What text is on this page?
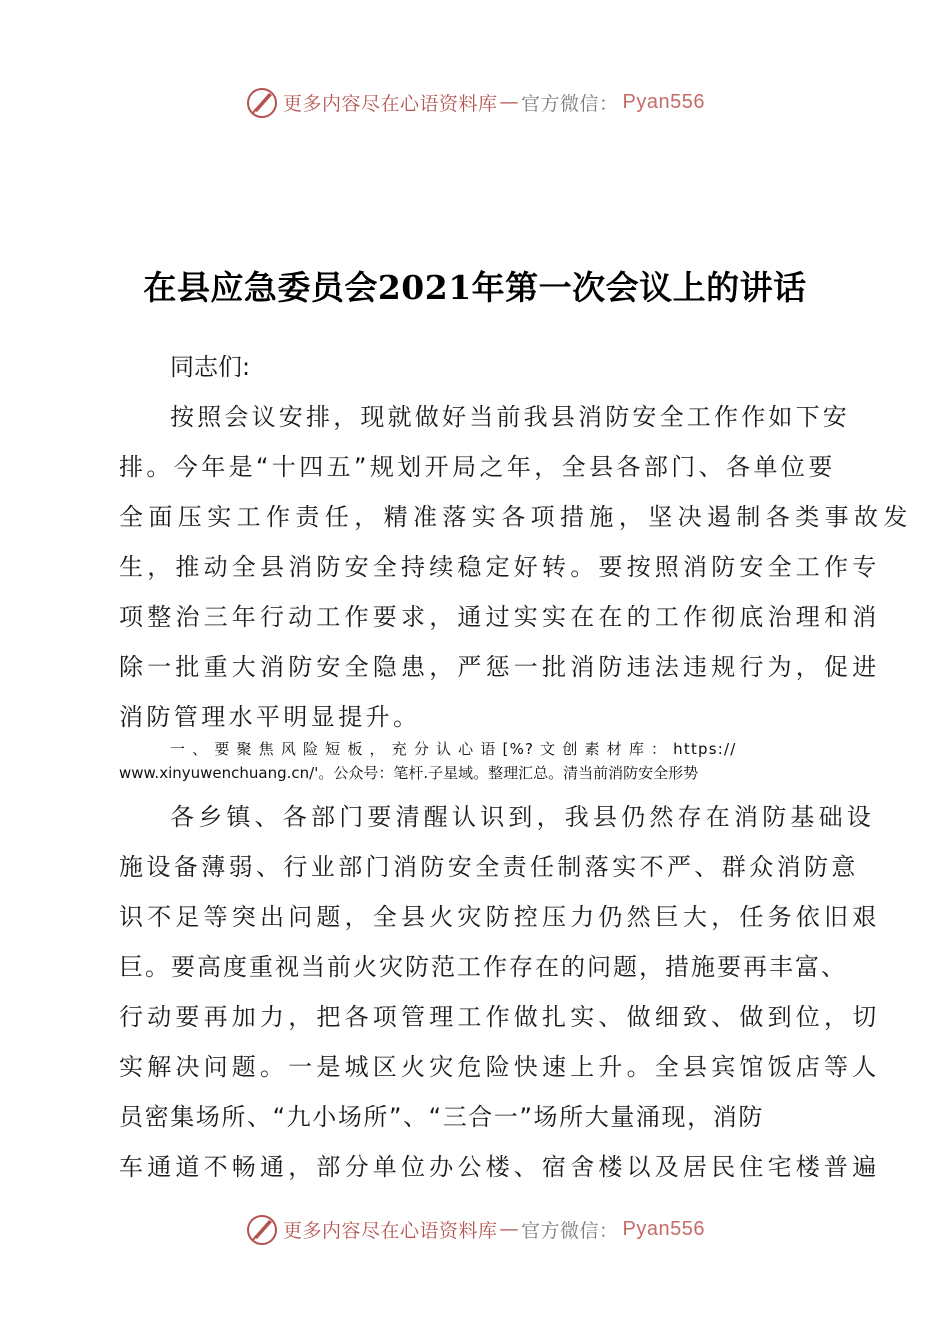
更多内容尽在心语资料库 — 官方微信： Pyan556
在县应急委员会2021年第一次会议上的讲话
同志们:
按照会议安排，现就做好当前我县消防安全工作作如下安
排。今年是“十四五”规划开局之年，全县各部门、各单位要
全面压实工作责任，精准落实各项措施，坚决遏制各类事故发
生，推动全县消防安全持续稳定好转。要按照消防安全工作专
项整治三年行动工作要求，通过实实在在的工作彻底治理和消
除一批重大消防安全隐患，严惩一批消防违法违规行为，促进
消防管理水平明显提升。
一 、 要 聚 焦 风 险 短 板 ， 充 分 认 心 语 [%? 文 创 素 材 库 ： https://
www.xinyuwenchuang.cn/'。公众号：笔杆.子星域。整理汇总。清当前消防安全形势
各乡镇、各部门要清醒认识到，我县仍然存在消防基础设
施设备薄弱、行业部门消防安全责任制落实不严、群众消防意
识不足等突出问题，全县火灾防控压力仍然巨大，任务依旧艰
巨。要高度重视当前火灾防范工作存在的问题，措施要再丰富、
行动要再加力，把各项管理工作做扎实、做细致、做到位，切
实解决问题。一是城区火灾危险快速上升。全县宾馆饭店等人
员密集场所、“九小场所”、“三合一”场所大量涌现，消防
车通道不畅通，部分单位办公楼、宿舍楼以及居民住宅楼普遍
更多内容尽在心语资料库 — 官方微信： Pyan556
